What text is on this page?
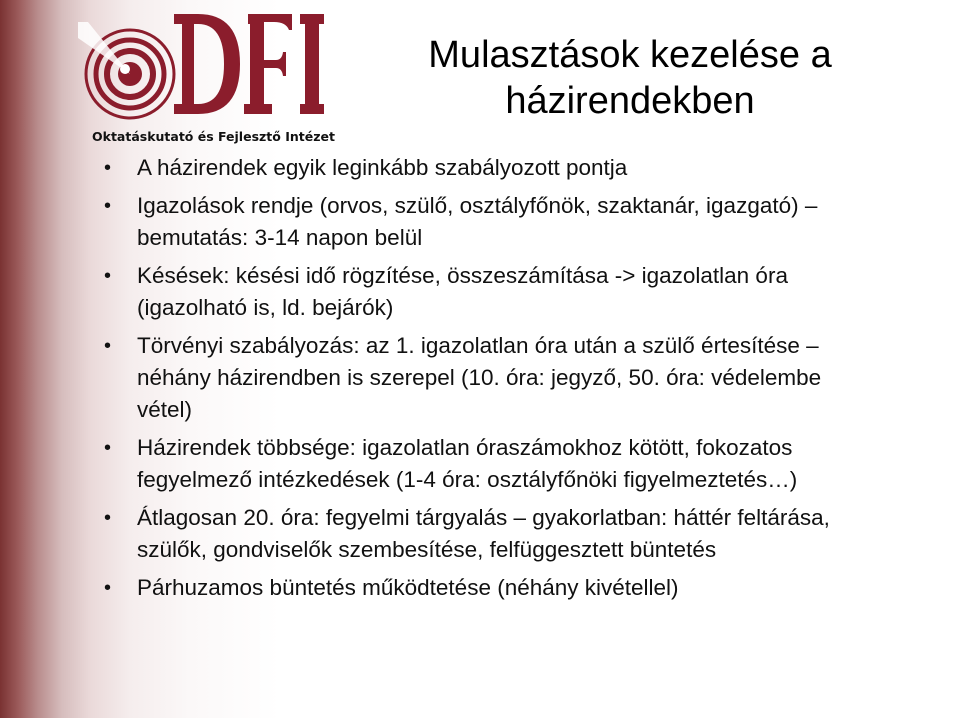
Oktatáskutató és Fejlesztő Intézet
Mulasztások kezelése a
házirendekben
• A házirendek egyik leginkább szabályozott pontja
• Igazolások rendje (orvos, szülő, osztályfőnök, szaktanár, igazgató) – bemutatás: 3-14 napon belül
• Késések: késési idő rögzítése, összeszámítása -> igazolatlan óra (igazolható is, ld. bejárók)
• Törvényi szabályozás: az 1. igazolatlan óra után a szülő értesítése – néhány házirendben is szerepel (10. óra: jegyző, 50. óra: védelembe vétel)
• Házirendek többsége: igazolatlan óraszámokhoz kötött, fokozatos fegyelmező intézkedések (1-4 óra: osztályfőnöki figyelmeztetés…)
• Átlagosan 20. óra: fegyelmi tárgyalás – gyakorlatban: háttér feltárása, szülők, gondviselők szembesítése, felfüggesztett büntetés
• Párhuzamos büntetés működtetése (néhány kivétellel)
